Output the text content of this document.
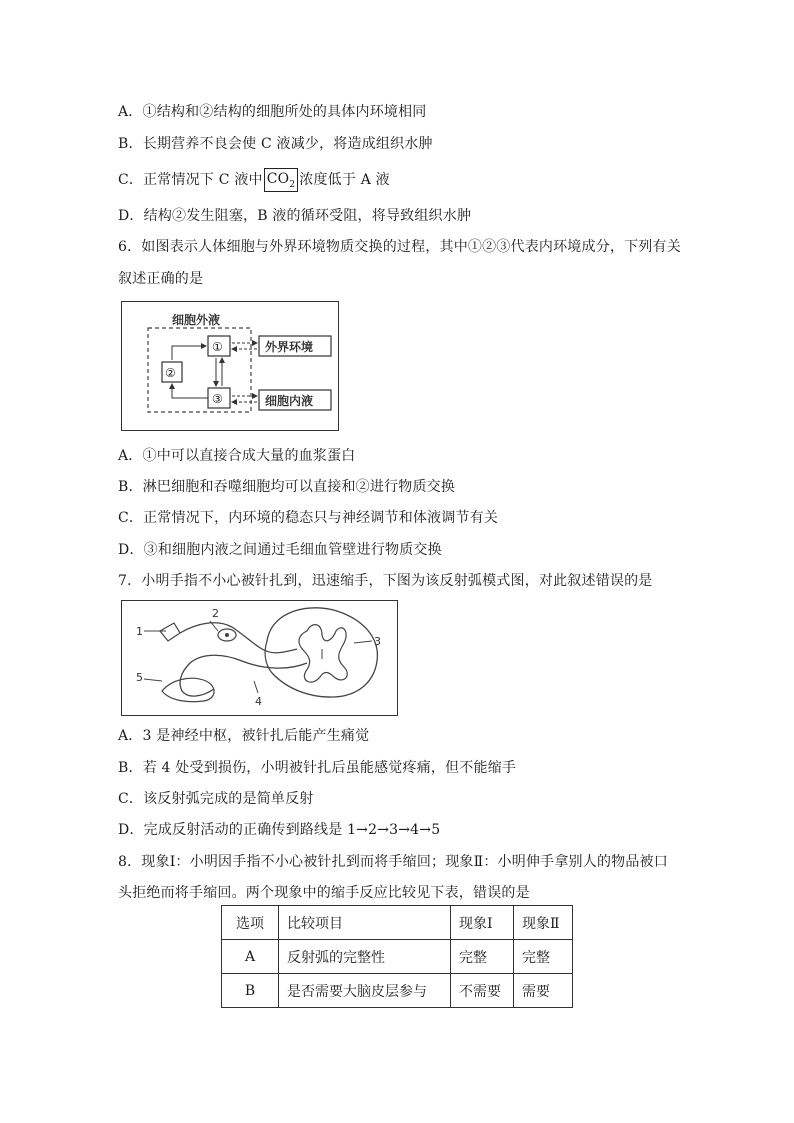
A．①结构和②结构的细胞所处的具体内环境相同
B．长期营养不良会使 C 液减少，将造成组织水肿
C．正常情况下 C 液中 $CO_2$ 浓度低于 A 液
D．结构②发生阻塞，B 液的循环受阻，将导致组织水肿
6．如图表示人体细胞与外界环境物质交换的过程，其中①②③代表内环境成分，下列有关
叙述正确的是
细胞外液
①
②
③
外界环境
细胞内液
A．①中可以直接合成大量的血浆蛋白
B．淋巴细胞和吞噬细胞均可以直接和②进行物质交换
C．正常情况下，内环境的稳态只与神经调节和体液调节有关
D．③和细胞内液之间通过毛细血管壁进行物质交换
7．小明手指不小心被针扎到，迅速缩手，下图为该反射弧模式图，对此叙述错误的是
1
2
3
4
5
A．3 是神经中枢，被针扎后能产生痛觉
B．若 4 处受到损伤，小明被针扎后虽能感觉疼痛，但不能缩手
C．该反射弧完成的是简单反射
D．完成反射活动的正确传到路线是 1→2→3→4→5
8．现象Ⅰ：小明因手指不小心被针扎到而将手缩回；现象Ⅱ：小明伸手拿别人的物品被口
头拒绝而将手缩回。两个现象中的缩手反应比较见下表，错误的是
选项	比较项目	现象Ⅰ	现象Ⅱ
A	反射弧的完整性	完整	完整
B	是否需要大脑皮层参与	不需要	需要
